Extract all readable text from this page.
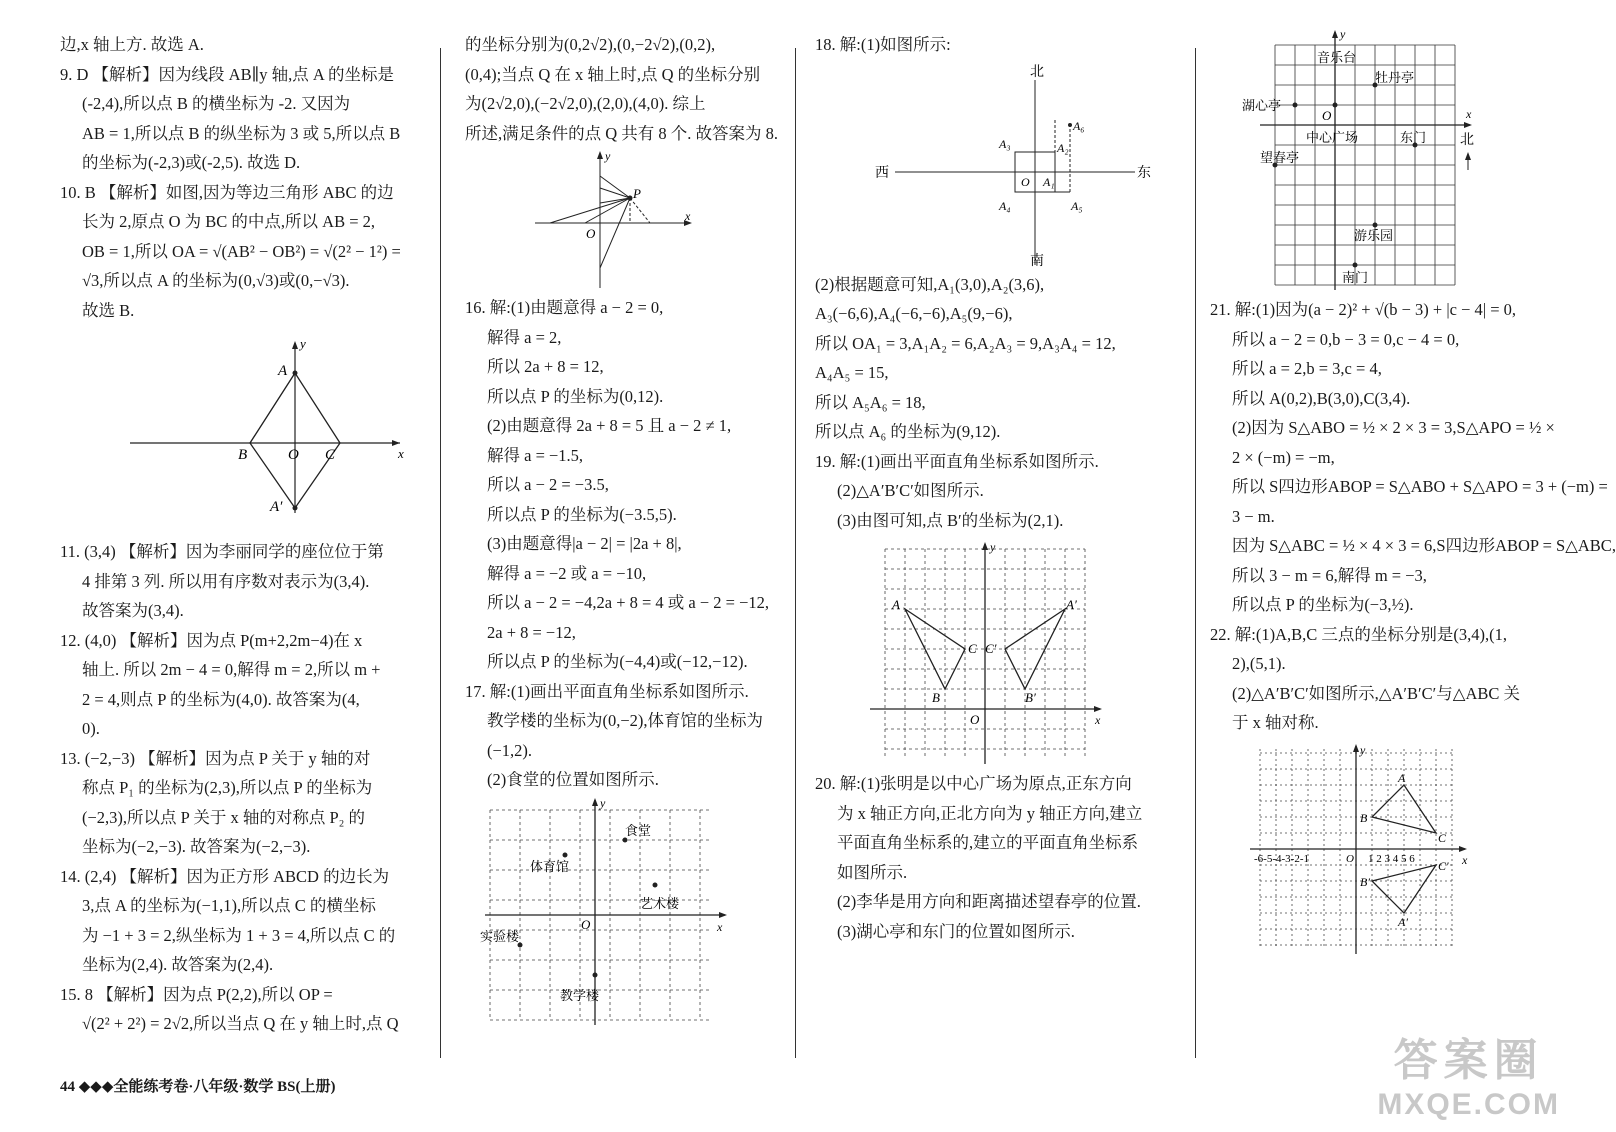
边,x 轴上方. 故选 A.
9. D 【解析】因为线段 AB∥y 轴,点 A 的坐标是
(-2,4),所以点 B 的横坐标为 -2. 又因为
AB = 1,所以点 B 的纵坐标为 3 或 5,所以点 B
的坐标为(-2,3)或(-2,5). 故选 D.
10. B 【解析】如图,因为等边三角形 ABC 的边
长为 2,原点 O 为 BC 的中点,所以 AB = 2,
OB = 1,所以 OA = √(AB² − OB²) = √(2² − 1²) =
√3,所以点 A 的坐标为(0,√3)或(0,−√3).
故选 B.
y
x
A
B	O C
A′
11. (3,4) 【解析】因为李丽同学的座位位于第
4 排第 3 列. 所以用有序数对表示为(3,4).
故答案为(3,4).
12. (4,0) 【解析】因为点 P(m+2,2m−4)在 x
轴上. 所以 2m − 4 = 0,解得 m = 2,所以 m +
2 = 4,则点 P 的坐标为(4,0). 故答案为(4,
0).
13. (−2,−3) 【解析】因为点 P 关于 y 轴的对
称点 P₁ 的坐标为(2,3),所以点 P 的坐标为
(−2,3),所以点 P 关于 x 轴的对称点 P₂ 的
坐标为(−2,−3). 故答案为(−2,−3).
14. (2,4) 【解析】因为正方形 ABCD 的边长为
3,点 A 的坐标为(−1,1),所以点 C 的横坐标
为 −1 + 3 = 2,纵坐标为 1 + 3 = 4,所以点 C 的
坐标为(2,4). 故答案为(2,4).
15. 8 【解析】因为点 P(2,2),所以 OP =
√(2² + 2²) = 2√2,所以当点 Q 在 y 轴上时,点 Q
的坐标分别为(0,2√2),(0,−2√2),(0,2),
(0,4);当点 Q 在 x 轴上时,点 Q 的坐标分别
为(2√2,0),(−2√2,0),(2,0),(4,0). 综上
所述,满足条件的点 Q 共有 8 个. 故答案为 8.
y
x
O
P
16. 解:(1)由题意得 a − 2 = 0,
解得 a = 2,
所以 2a + 8 = 12,
所以点 P 的坐标为(0,12).
(2)由题意得 2a + 8 = 5 且 a − 2 ≠ 1,
解得 a = −1.5,
所以 a − 2 = −3.5,
所以点 P 的坐标为(−3.5,5).
(3)由题意得|a − 2| = |2a + 8|,
解得 a = −2 或 a = −10,
所以 a − 2 = −4,2a + 8 = 4 或 a − 2 = −12,
2a + 8 = −12,
所以点 P 的坐标为(−4,4)或(−12,−12).
17. 解:(1)画出平面直角坐标系如图所示.
教学楼的坐标为(0,−2),体育馆的坐标为
(−1,2).
(2)食堂的位置如图所示.
y
x
O
体育馆
食堂
艺术楼
实验楼
教学楼
18. 解:(1)如图所示:
北
南
西	东
O A₁
A₂
A₃
A₄	A₅
A₆
(2)根据题意可知,A₁(3,0),A₂(3,6),
A₃(−6,6),A₄(−6,−6),A₅(9,−6),
所以 OA₁ = 3,A₁A₂ = 6,A₂A₃ = 9,A₃A₄ = 12,
A₄A₅ = 15,
所以 A₅A₆ = 18,
所以点 A₆ 的坐标为(9,12).
19. 解:(1)画出平面直角坐标系如图所示.
(2)△A′B′C′如图所示.
(3)由图可知,点 B′的坐标为(2,1).
y
x
O
A
B
C
A′
B′
C′
20. 解:(1)张明是以中心广场为原点,正东方向
为 x 轴正方向,正北方向为 y 轴正方向,建立
平面直角坐标系的,建立的平面直角坐标系
如图所示.
(2)李华是用方向和距离描述望春亭的位置.
(3)湖心亭和东门的位置如图所示.
y
x
O
音乐台
牡丹亭
湖心亭
中心广场	东门 北
望春亭
游乐园
南门
21. 解:(1)因为(a − 2)² + √(b − 3) + |c − 4| = 0,
所以 a − 2 = 0,b − 3 = 0,c − 4 = 0,
所以 a = 2,b = 3,c = 4,
所以 A(0,2),B(3,0),C(3,4).
(2)因为 S△ABO = ½ × 2 × 3 = 3,S△APO = ½ ×
2 × (−m) = −m,
所以 S四边形ABOP = S△ABO + S△APO = 3 + (−m) =
3 − m.
因为 S△ABC = ½ × 4 × 3 = 6,S四边形ABOP = S△ABC,
所以 3 − m = 6,解得 m = −3,
所以点 P 的坐标为(−3,½).
22. 解:(1)A,B,C 三点的坐标分别是(3,4),(1,
2),(5,1).
(2)△A′B′C′如图所示,△A′B′C′与△ABC 关
于 x 轴对称.
y
x
O
-6-5-4-3-2-1	1 2 3 4 5 6
A
B
C
A′
B′
C′
44 ◆◆◆全能练考卷·八年级·数学 BS(上册)
答案圈
MXQE.COM
